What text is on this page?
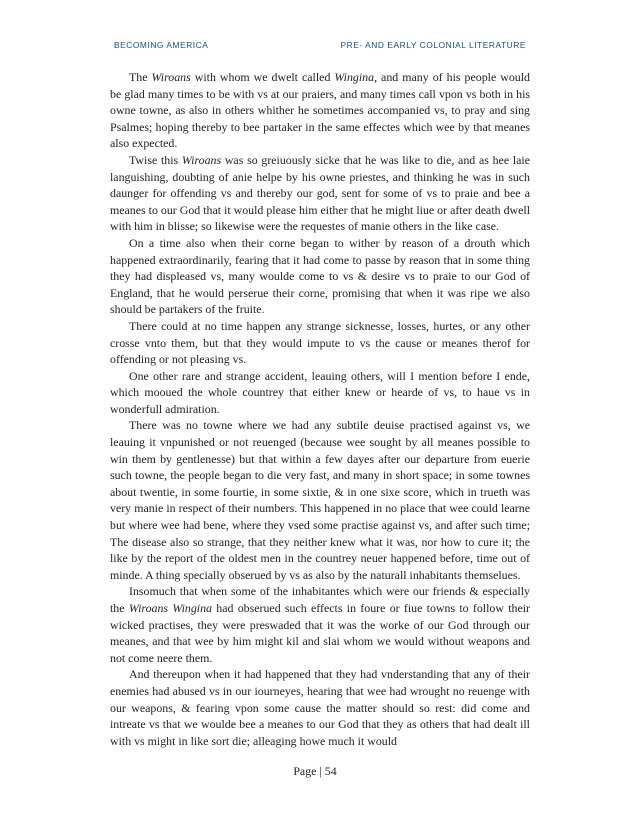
BECOMING AMERICA	PRE- AND EARLY COLONIAL LITERATURE

The Wiroans with whom we dwelt called Wingina, and many of his people would be glad many times to be with vs at our praiers, and many times call vpon vs both in his owne towne, as also in others whither he sometimes accompanied vs, to pray and sing Psalmes; hoping thereby to bee partaker in the same effectes which wee by that meanes also expected.

Twise this Wiroans was so greiuously sicke that he was like to die, and as hee laie languishing, doubting of anie helpe by his owne priestes, and thinking he was in such daunger for offending vs and thereby our god, sent for some of vs to praie and bee a meanes to our God that it would please him either that he might liue or after death dwell with him in blisse; so likewise were the requestes of manie others in the like case.

On a time also when their corne began to wither by reason of a drouth which happened extraordinarily, fearing that it had come to passe by reason that in some thing they had displeased vs, many woulde come to vs & desire vs to praie to our God of England, that he would perserue their corne, promising that when it was ripe we also should be partakers of the fruite.

There could at no time happen any strange sicknesse, losses, hurtes, or any other crosse vnto them, but that they would impute to vs the cause or meanes therof for offending or not pleasing vs.

One other rare and strange accident, leauing others, will I mention before I ende, which mooued the whole countrey that either knew or hearde of vs, to haue vs in wonderfull admiration.

There was no towne where we had any subtile deuise practised against vs, we leauing it vnpunished or not reuenged (because wee sought by all meanes possible to win them by gentlenesse) but that within a few dayes after our departure from euerie such towne, the people began to die very fast, and many in short space; in some townes about twentie, in some fourtie, in some sixtie, & in one sixe score, which in trueth was very manie in respect of their numbers. This happened in no place that wee could learne but where wee had bene, where they vsed some practise against vs, and after such time; The disease also so strange, that they neither knew what it was, nor how to cure it; the like by the report of the oldest men in the countrey neuer happened before, time out of minde. A thing specially obserued by vs as also by the naturall inhabitants themselues.

Insomuch that when some of the inhabitantes which were our friends & especially the Wiroans Wingina had obserued such effects in foure or fiue towns to follow their wicked practises, they were preswaded that it was the worke of our God through our meanes, and that wee by him might kil and slai whom we would without weapons and not come neere them.

And thereupon when it had happened that they had vnderstanding that any of their enemies had abused vs in our iourneyes, hearing that wee had wrought no reuenge with our weapons, & fearing vpon some cause the matter should so rest: did come and intreate vs that we woulde bee a meanes to our God that they as others that had dealt ill with vs might in like sort die; alleaging howe much it would

Page | 54
